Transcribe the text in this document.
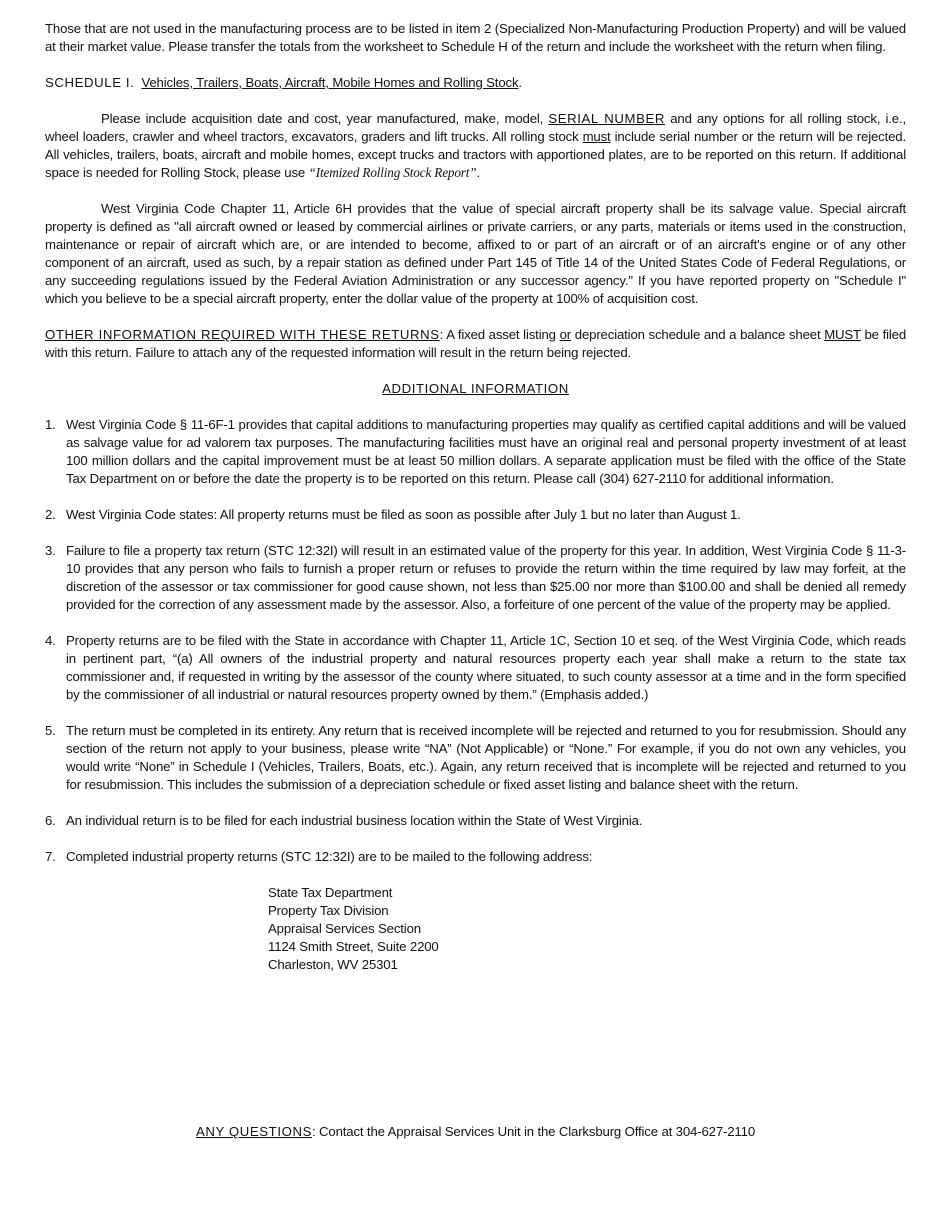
Those that are not used in the manufacturing process are to be listed in item 2 (Specialized Non-Manufacturing Production Property) and will be valued at their market value. Please transfer the totals from the worksheet to Schedule H of the return and include the worksheet with the return when filing.

SCHEDULE I. Vehicles, Trailers, Boats, Aircraft, Mobile Homes and Rolling Stock.

Please include acquisition date and cost, year manufactured, make, model, SERIAL NUMBER and any options for all rolling stock, i.e., wheel loaders, crawler and wheel tractors, excavators, graders and lift trucks. All rolling stock must include serial number or the return will be rejected. All vehicles, trailers, boats, aircraft and mobile homes, except trucks and tractors with apportioned plates, are to be reported on this return. If additional space is needed for Rolling Stock, please use “Itemized Rolling Stock Report”.

West Virginia Code Chapter 11, Article 6H provides that the value of special aircraft property shall be its salvage value. Special aircraft property is defined as "all aircraft owned or leased by commercial airlines or private carriers, or any parts, materials or items used in the construction, maintenance or repair of aircraft which are, or are intended to become, affixed to or part of an aircraft or of an aircraft's engine or of any other component of an aircraft, used as such, by a repair station as defined under Part 145 of Title 14 of the United States Code of Federal Regulations, or any succeeding regulations issued by the Federal Aviation Administration or any successor agency." If you have reported property on "Schedule I" which you believe to be a special aircraft property, enter the dollar value of the property at 100% of acquisition cost.

OTHER INFORMATION REQUIRED WITH THESE RETURNS: A fixed asset listing or depreciation schedule and a balance sheet MUST be filed with this return. Failure to attach any of the requested information will result in the return being rejected.

ADDITIONAL INFORMATION

1. West Virginia Code § 11-6F-1 provides that capital additions to manufacturing properties may qualify as certified capital additions and will be valued as salvage value for ad valorem tax purposes. The manufacturing facilities must have an original real and personal property investment of at least 100 million dollars and the capital improvement must be at least 50 million dollars. A separate application must be filed with the office of the State Tax Department on or before the date the property is to be reported on this return. Please call (304) 627-2110 for additional information.
2. West Virginia Code states: All property returns must be filed as soon as possible after July 1 but no later than August 1.
3. Failure to file a property tax return (STC 12:32I) will result in an estimated value of the property for this year. In addition, West Virginia Code § 11-3-10 provides that any person who fails to furnish a proper return or refuses to provide the return within the time required by law may forfeit, at the discretion of the assessor or tax commissioner for good cause shown, not less than $25.00 nor more than $100.00 and shall be denied all remedy provided for the correction of any assessment made by the assessor. Also, a forfeiture of one percent of the value of the property may be applied.
4. Property returns are to be filed with the State in accordance with Chapter 11, Article 1C, Section 10 et seq. of the West Virginia Code, which reads in pertinent part, “(a) All owners of the industrial property and natural resources property each year shall make a return to the state tax commissioner and, if requested in writing by the assessor of the county where situated, to such county assessor at a time and in the form specified by the commissioner of all industrial or natural resources property owned by them.” (Emphasis added.)
5. The return must be completed in its entirety. Any return that is received incomplete will be rejected and returned to you for resubmission. Should any section of the return not apply to your business, please write “NA” (Not Applicable) or “None.” For example, if you do not own any vehicles, you would write “None” in Schedule I (Vehicles, Trailers, Boats, etc.). Again, any return received that is incomplete will be rejected and returned to you for resubmission. This includes the submission of a depreciation schedule or fixed asset listing and balance sheet with the return.
6. An individual return is to be filed for each industrial business location within the State of West Virginia.
7. Completed industrial property returns (STC 12:32I) are to be mailed to the following address:
State Tax Department
Property Tax Division
Appraisal Services Section
1124 Smith Street, Suite 2200
Charleston, WV 25301

ANY QUESTIONS: Contact the Appraisal Services Unit in the Clarksburg Office at 304-627-2110
